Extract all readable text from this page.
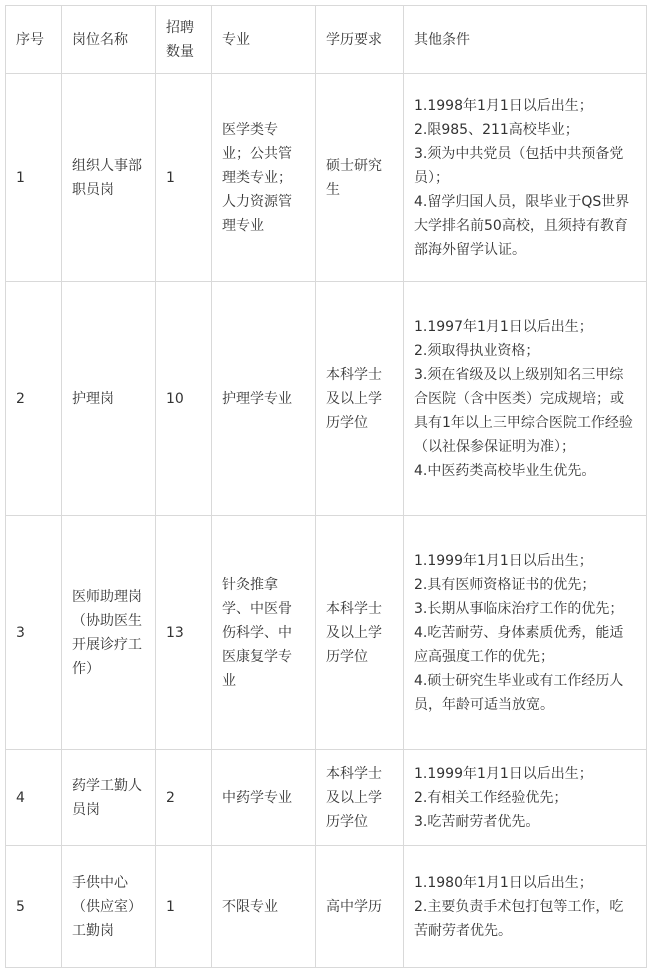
序号	岗位名称	招聘数量	专业	学历要求	其他条件
1	组织人事部职员岗	1	医学类专业；公共管理类专业；人力资源管理专业	硕士研究生	1.1998年1月1日以后出生；
2.限985、211高校毕业；
3.须为中共党员（包括中共预备党员）；
4.留学归国人员，限毕业于QS世界大学排名前50高校，且须持有教育部海外留学认证。

2	护理岗	10	护理学专业	本科学士及以上学历学位	1.1997年1月1日以后出生；
2.须取得执业资格；
3.须在省级及以上级别知名三甲综合医院（含中医类）完成规培；或具有1年以上三甲综合医院工作经验（以社保参保证明为准）；
4.中医药类高校毕业生优先。

3	医师助理岗（协助医生开展诊疗工作）	13	针灸推拿学、中医骨伤科学、中医康复学专业	本科学士及以上学历学位	1.1999年1月1日以后出生；
2.具有医师资格证书的优先；
3.长期从事临床治疗工作的优先；
4.吃苦耐劳、身体素质优秀，能适应高强度工作的优先；
4.硕士研究生毕业或有工作经历人员，年龄可适当放宽。

4	药学工勤人员岗	2	中药学专业	本科学士及以上学历学位	1.1999年1月1日以后出生；
2.有相关工作经验优先；
3.吃苦耐劳者优先。

5	手供中心（供应室）工勤岗	1	不限专业	高中学历	1.1980年1月1日以后出生；
2.主要负责手术包打包等工作，吃苦耐劳者优先。
